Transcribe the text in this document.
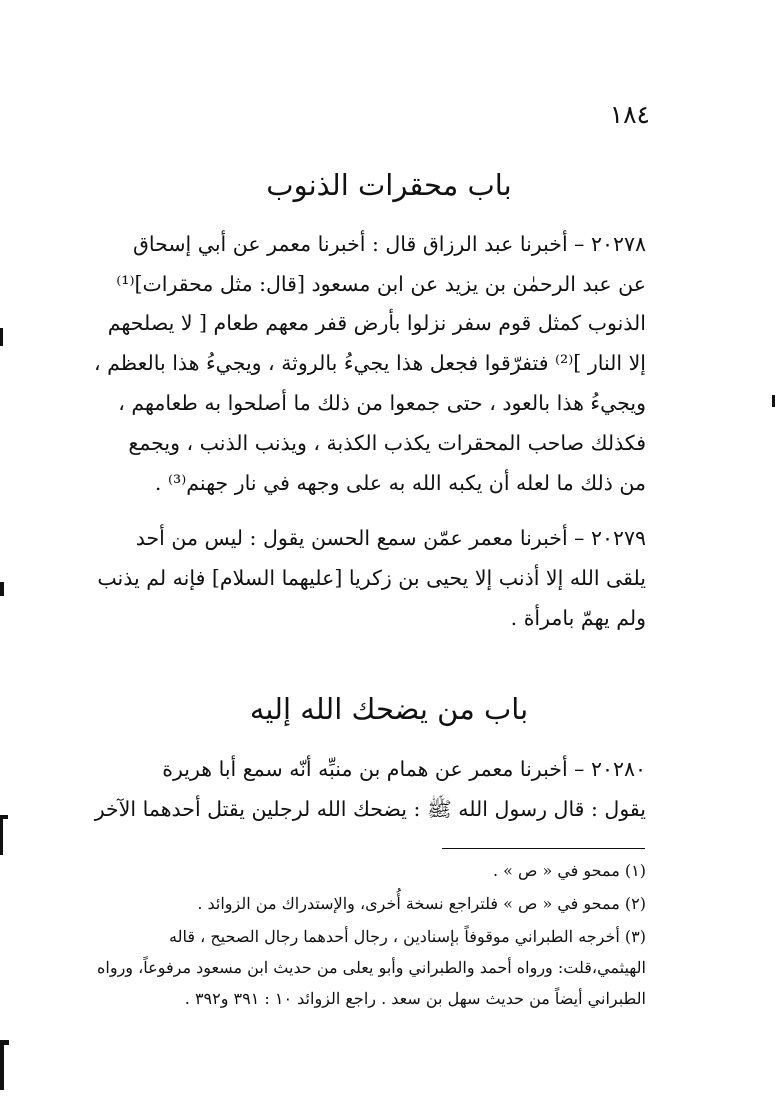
١٨٤
باب محقرات الذنوب
٢٠٢٧٨ – أخبرنا عبد الرزاق قال : أخبرنا معمر عن أبي إسحاق
عن عبد الرحمٰن بن يزيد عن ابن مسعود [قال: مثل محقرات]⁽¹⁾
الذنوب كمثل قوم سفر نزلوا بأرض قفر معهم طعام [ لا يصلحهم
إلا النار ]⁽²⁾ فتفرّقوا فجعل هذا يجيءُ بالروثة ، ويجيءُ هذا بالعظم ،
ويجيءُ هذا بالعود ، حتى جمعوا من ذلك ما أصلحوا به طعامهم ،
فكذلك صاحب المحقرات يكذب الكذبة ، ويذنب الذنب ، ويجمع
من ذلك ما لعله أن يكبه الله به على وجهه في نار جهنم⁽³⁾ .
٢٠٢٧٩ – أخبرنا معمر عمّن سمع الحسن يقول : ليس من أحد
يلقى الله إلا أذنب إلا يحيى بن زكريا [عليهما السلام] فإنه لم يذنب
ولم يهمّ بامرأة .
باب من يضحك الله إليه
٢٠٢٨٠ – أخبرنا معمر عن همام بن منبِّه أنّه سمع أبا هريرة
يقول : قال رسول الله ﷺ : يضحك الله لرجلين يقتل أحدهما الآخر
(١) ممحو في « ص » .
(٢) ممحو في « ص » فلتراجع نسخة أُخرى، والإستدراك من الزوائد .
(٣) أخرجه الطبراني موقوفاً بإسنادين ، رجال أحدهما رجال الصحيح ، قاله
الهيثمي،قلت: ورواه أحمد والطبراني وأبو يعلى من حديث ابن مسعود مرفوعاً، ورواه
الطبراني أيضاً من حديث سهل بن سعد . راجع الزوائد ١٠ : ٣٩١ و٣٩٢ .
